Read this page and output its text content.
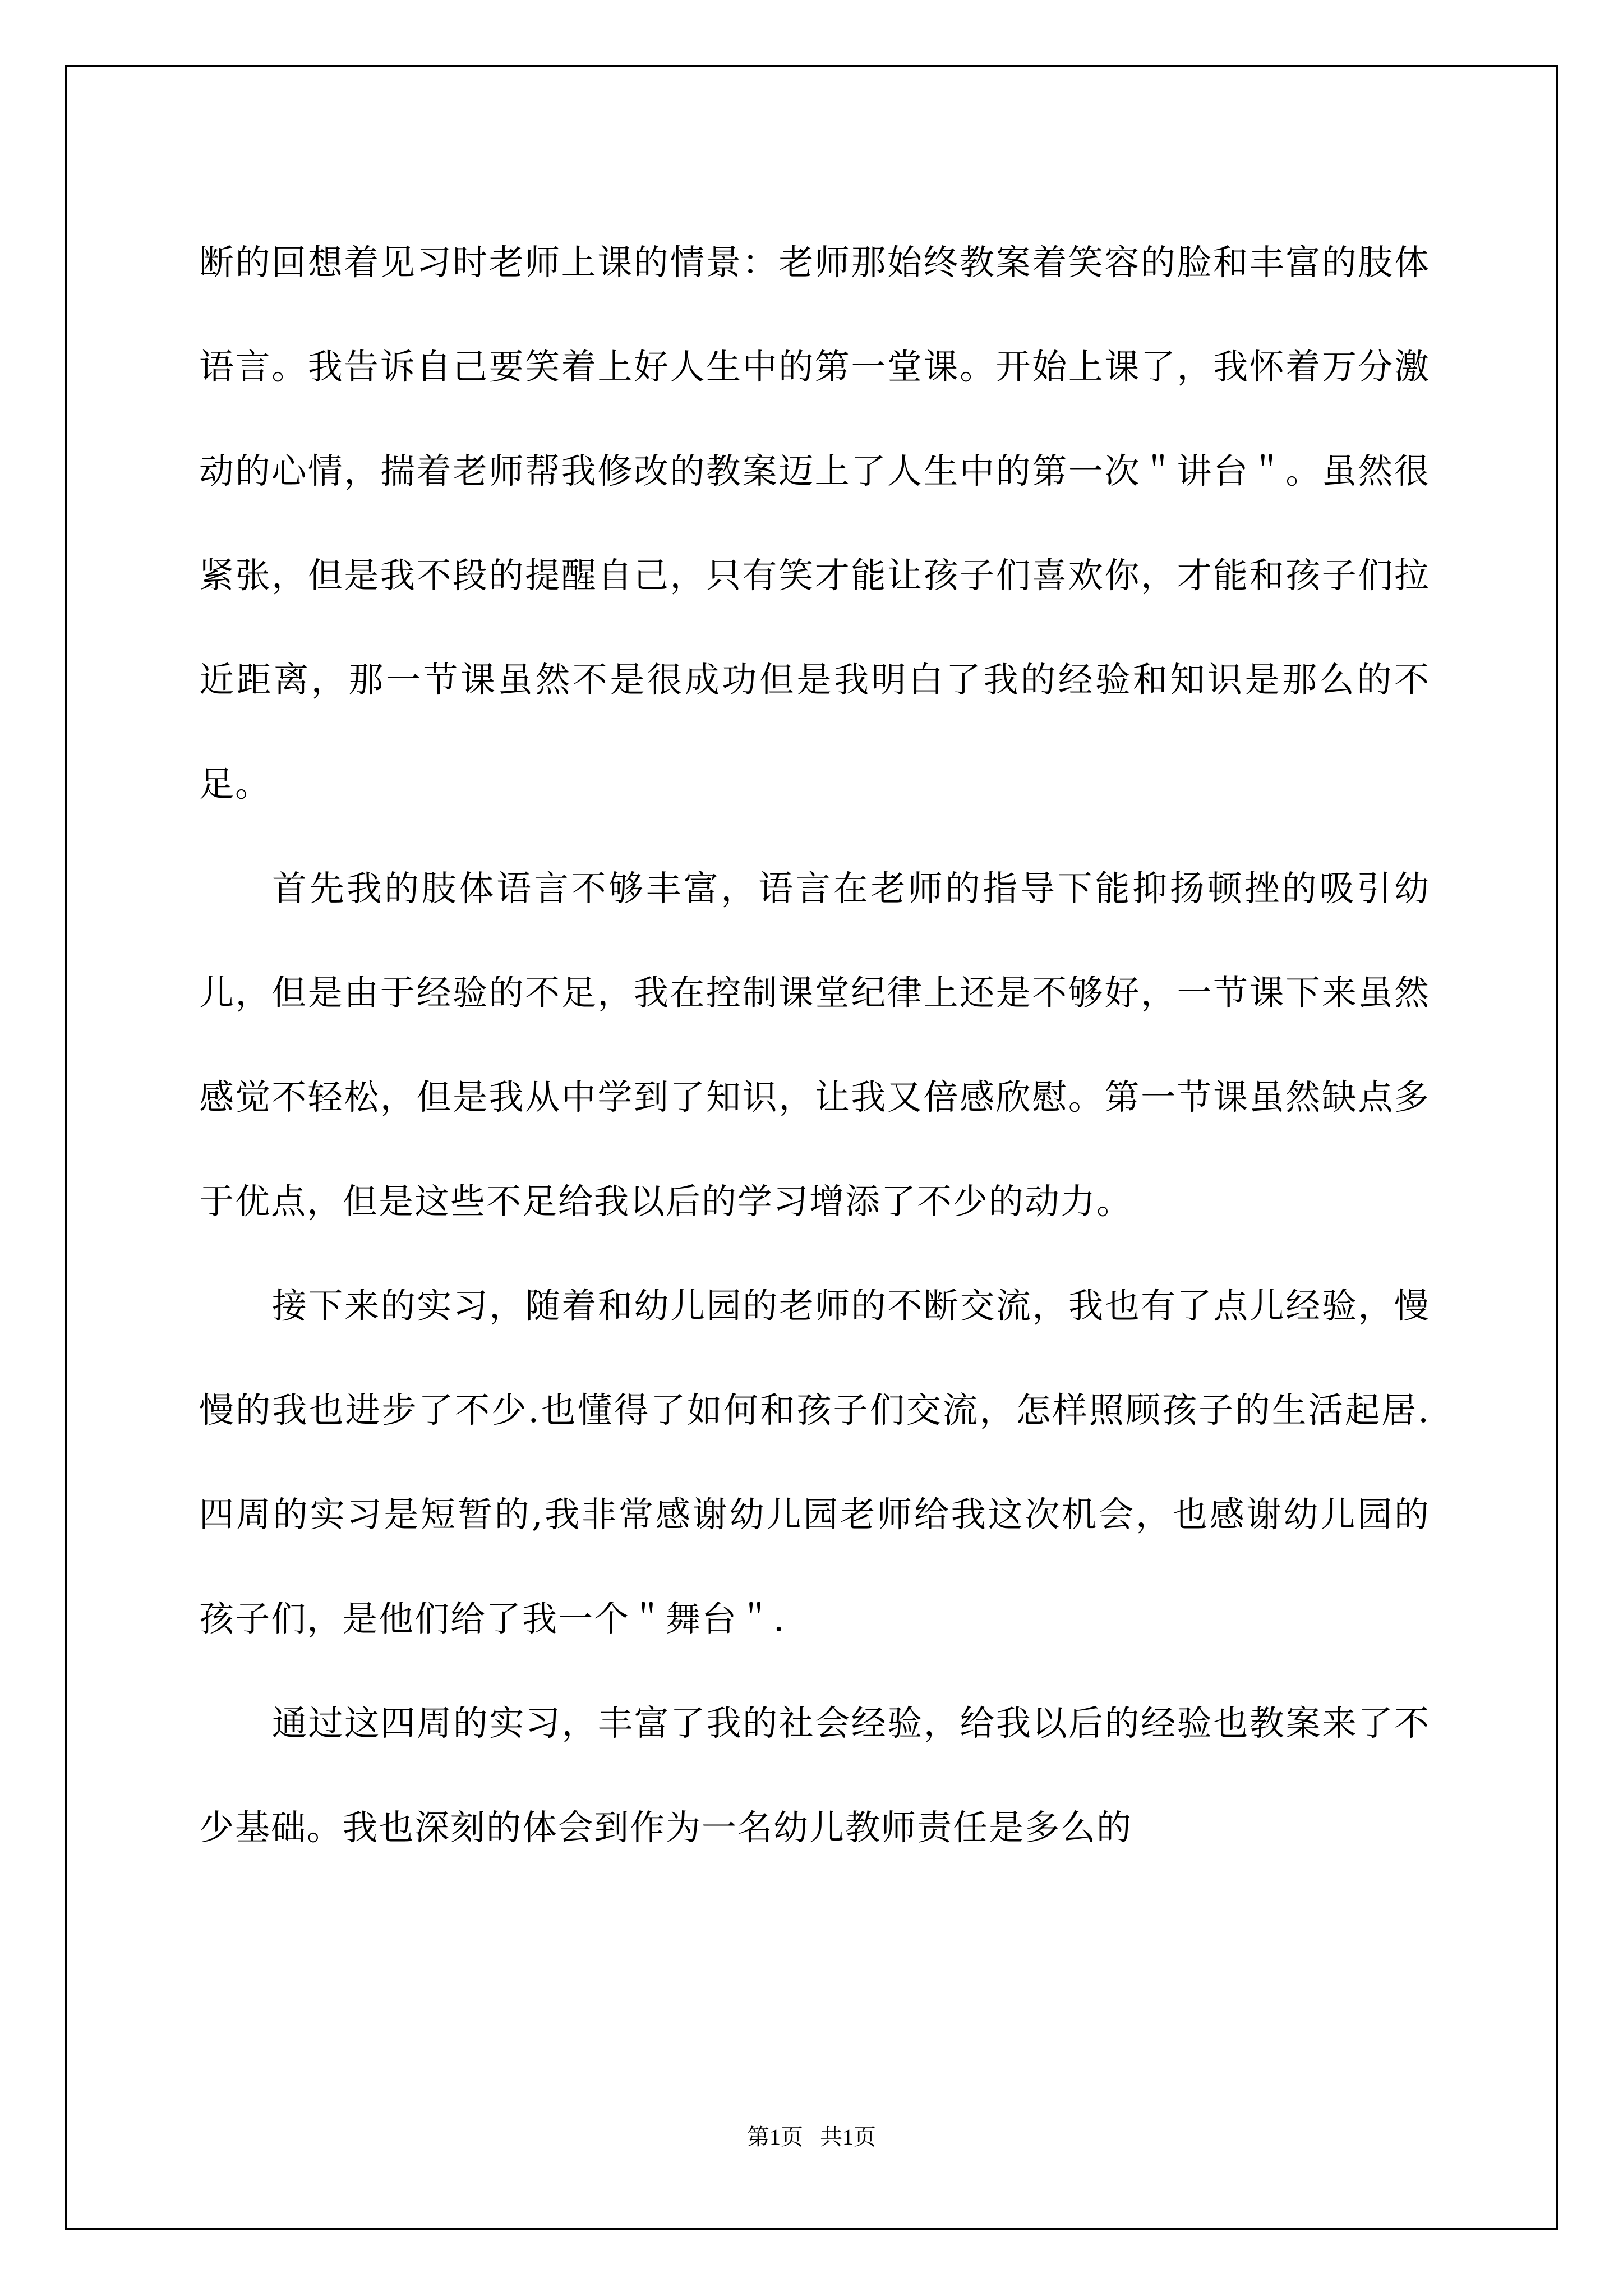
断的回想着见习时老师上课的情景：老师那始终教案着笑容的脸和丰富的肢体语言。我告诉自己要笑着上好人生中的第一堂课。开始上课了，我怀着万分激动的心情，揣着老师帮我修改的教案迈上了人生中的第一次＂讲台＂。虽然很紧张，但是我不段的提醒自己，只有笑才能让孩子们喜欢你，才能和孩子们拉近距离，那一节课虽然不是很成功但是我明白了我的经验和知识是那么的不足。

首先我的肢体语言不够丰富，语言在老师的指导下能抑扬顿挫的吸引幼儿，但是由于经验的不足，我在控制课堂纪律上还是不够好，一节课下来虽然感觉不轻松，但是我从中学到了知识，让我又倍感欣慰。第一节课虽然缺点多于优点，但是这些不足给我以后的学习增添了不少的动力。

接下来的实习，随着和幼儿园的老师的不断交流，我也有了点儿经验，慢慢的我也进步了不少.也懂得了如何和孩子们交流，怎样照顾孩子的生活起居.四周的实习是短暂的,我非常感谢幼儿园老师给我这次机会，也感谢幼儿园的孩子们，是他们给了我一个＂舞台＂.

通过这四周的实习，丰富了我的社会经验，给我以后的经验也教案来了不少基础。我也深刻的体会到作为一名幼儿教师责任是多么的

第1页   共1页
